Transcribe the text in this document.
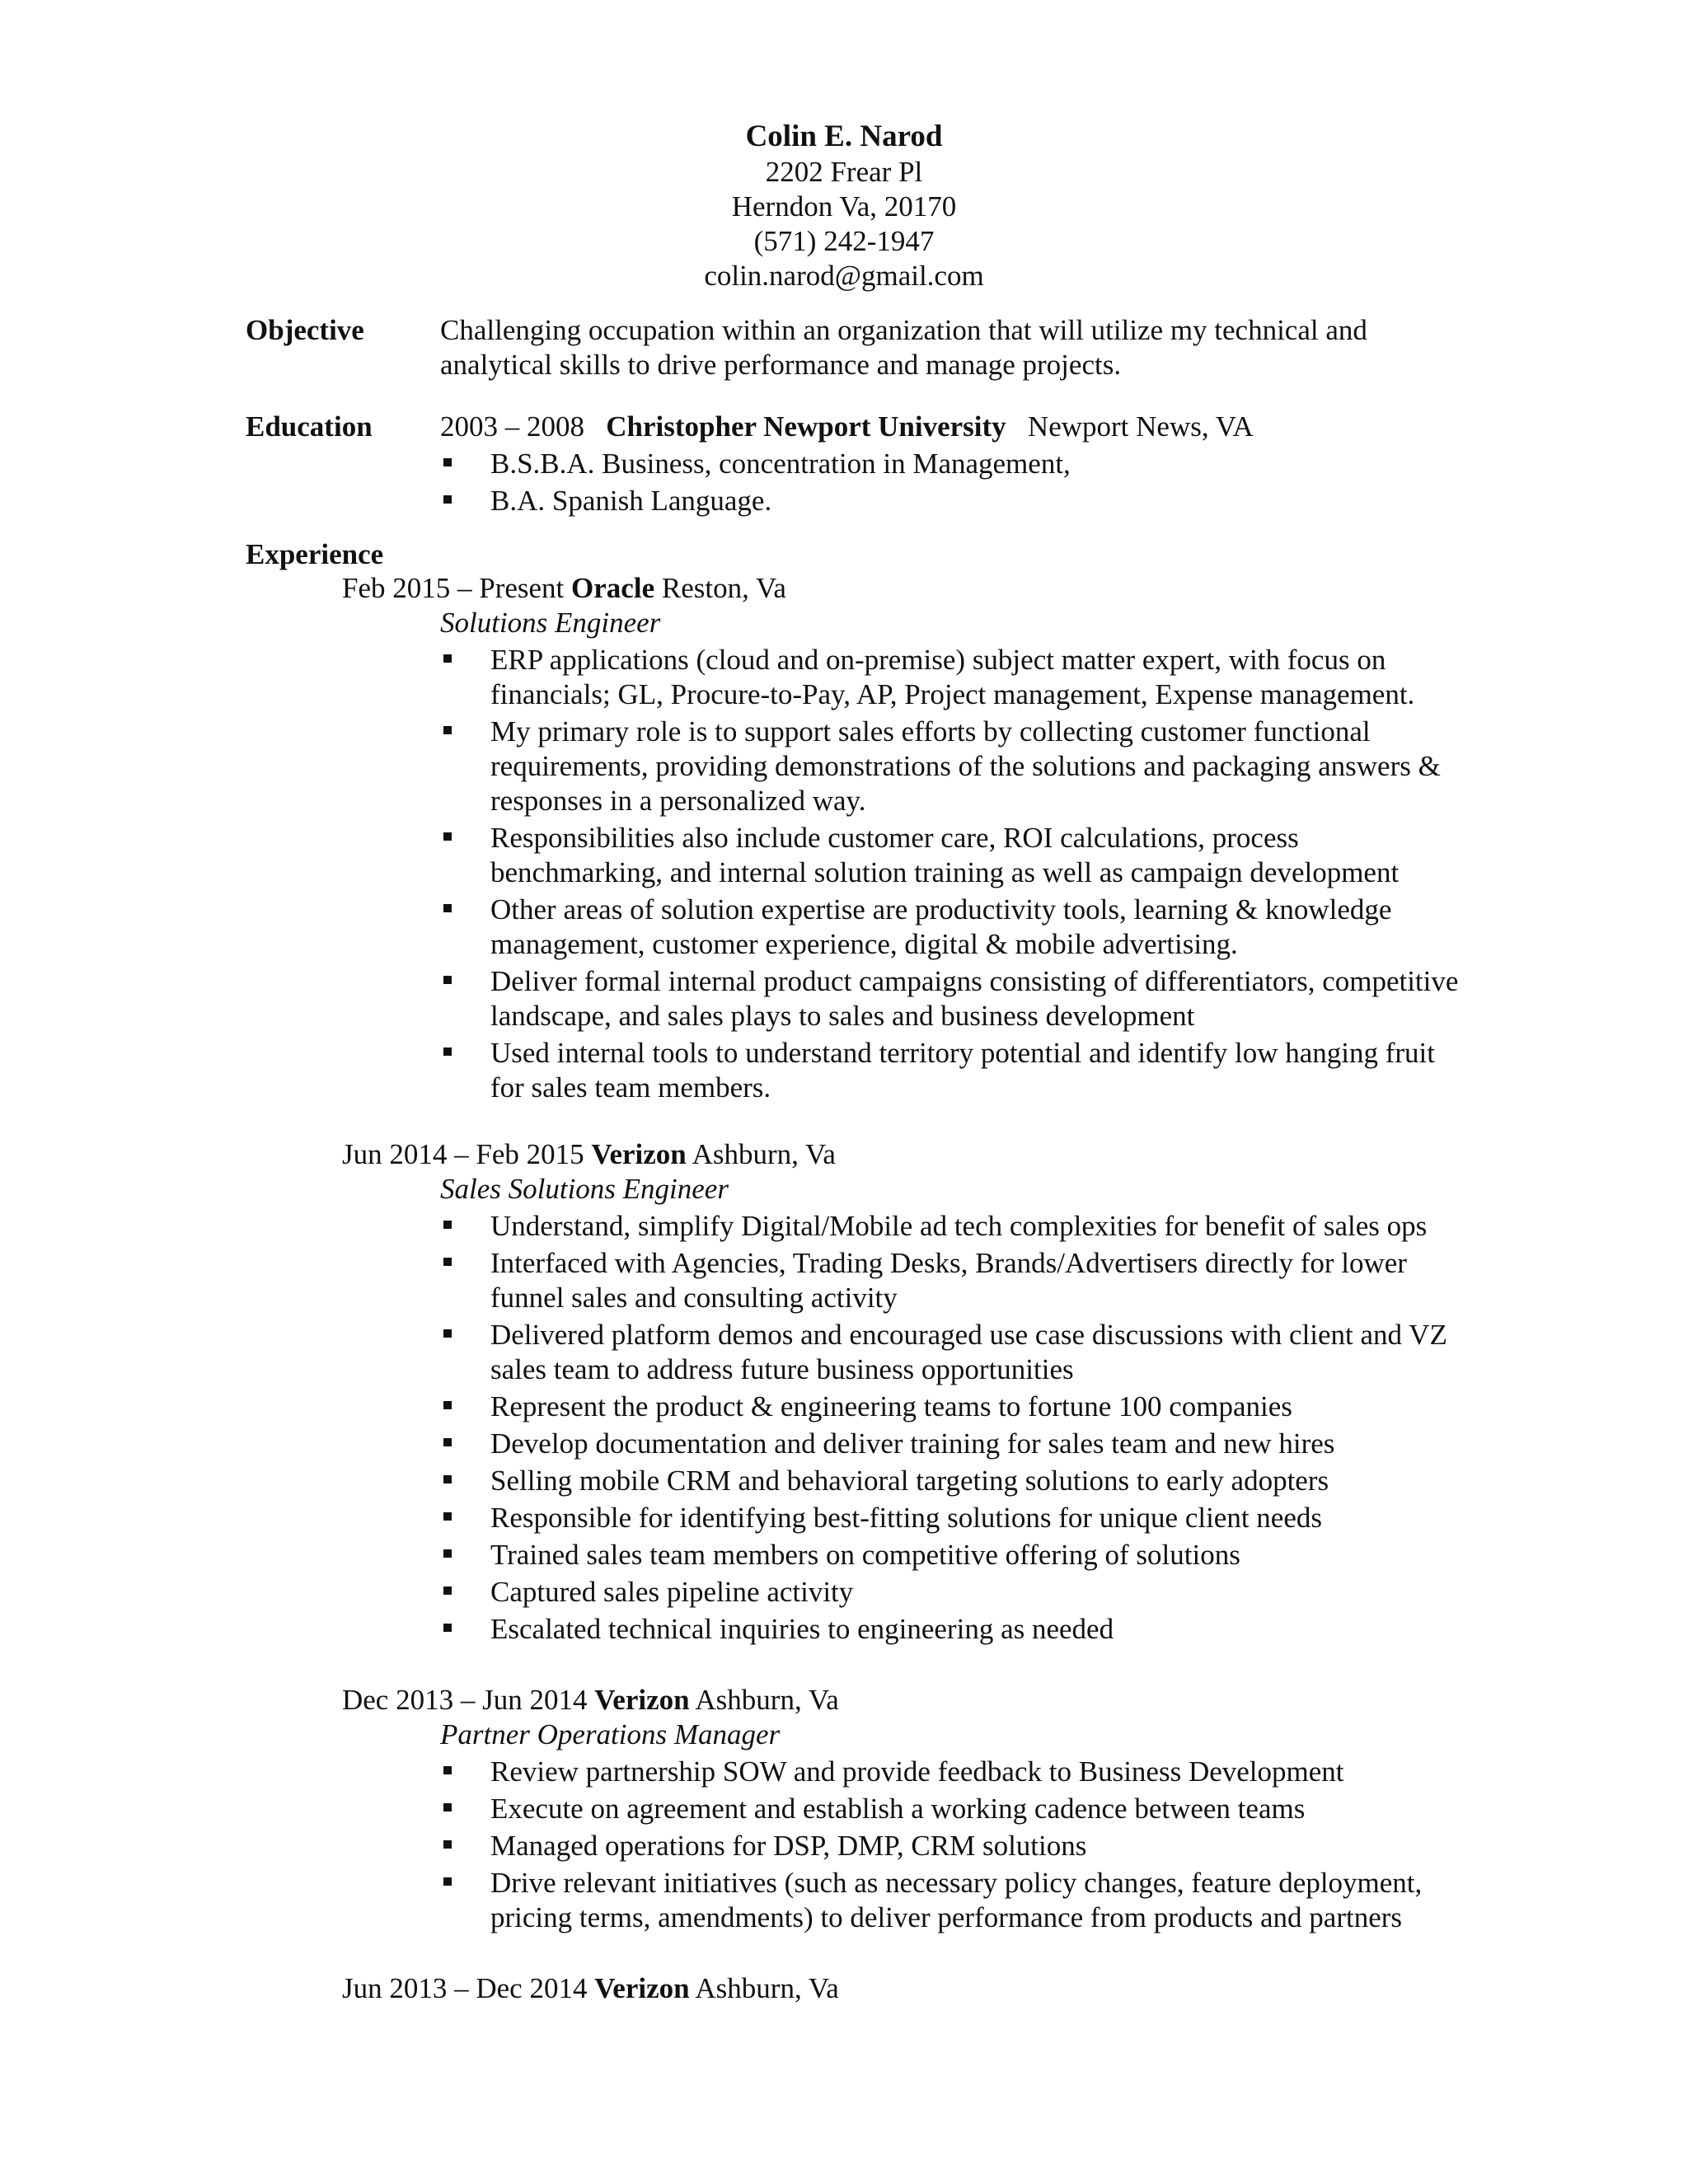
Colin E. Narod
2202 Frear Pl
Herndon Va, 20170
(571) 242-1947
colin.narod@gmail.com
Objective	Challenging occupation within an organization that will utilize my technical and analytical skills to drive performance and manage projects.
Education 2003 – 2008 Christopher Newport University Newport News, VA
B.S.B.A. Business, concentration in Management,
B.A. Spanish Language.
Experience
Feb 2015 – Present Oracle Reston, Va
Solutions Engineer
ERP applications (cloud and on-premise) subject matter expert, with focus on financials; GL, Procure-to-Pay, AP, Project management, Expense management.
My primary role is to support sales efforts by collecting customer functional requirements, providing demonstrations of the solutions and packaging answers & responses in a personalized way.
Responsibilities also include customer care, ROI calculations, process benchmarking, and internal solution training as well as campaign development
Other areas of solution expertise are productivity tools, learning & knowledge management, customer experience, digital & mobile advertising.
Deliver formal internal product campaigns consisting of differentiators, competitive landscape, and sales plays to sales and business development
Used internal tools to understand territory potential and identify low hanging fruit for sales team members.
Jun 2014 – Feb 2015 Verizon Ashburn, Va
Sales Solutions Engineer
Understand, simplify Digital/Mobile ad tech complexities for benefit of sales ops
Interfaced with Agencies, Trading Desks, Brands/Advertisers directly for lower funnel sales and consulting activity
Delivered platform demos and encouraged use case discussions with client and VZ sales team to address future business opportunities
Represent the product & engineering teams to fortune 100 companies
Develop documentation and deliver training for sales team and new hires
Selling mobile CRM and behavioral targeting solutions to early adopters
Responsible for identifying best-fitting solutions for unique client needs
Trained sales team members on competitive offering of solutions
Captured sales pipeline activity
Escalated technical inquiries to engineering as needed
Dec 2013 – Jun 2014 Verizon Ashburn, Va
Partner Operations Manager
Review partnership SOW and provide feedback to Business Development
Execute on agreement and establish a working cadence between teams
Managed operations for DSP, DMP, CRM solutions
Drive relevant initiatives (such as necessary policy changes, feature deployment, pricing terms, amendments) to deliver performance from products and partners
Jun 2013 – Dec 2014 Verizon Ashburn, Va
